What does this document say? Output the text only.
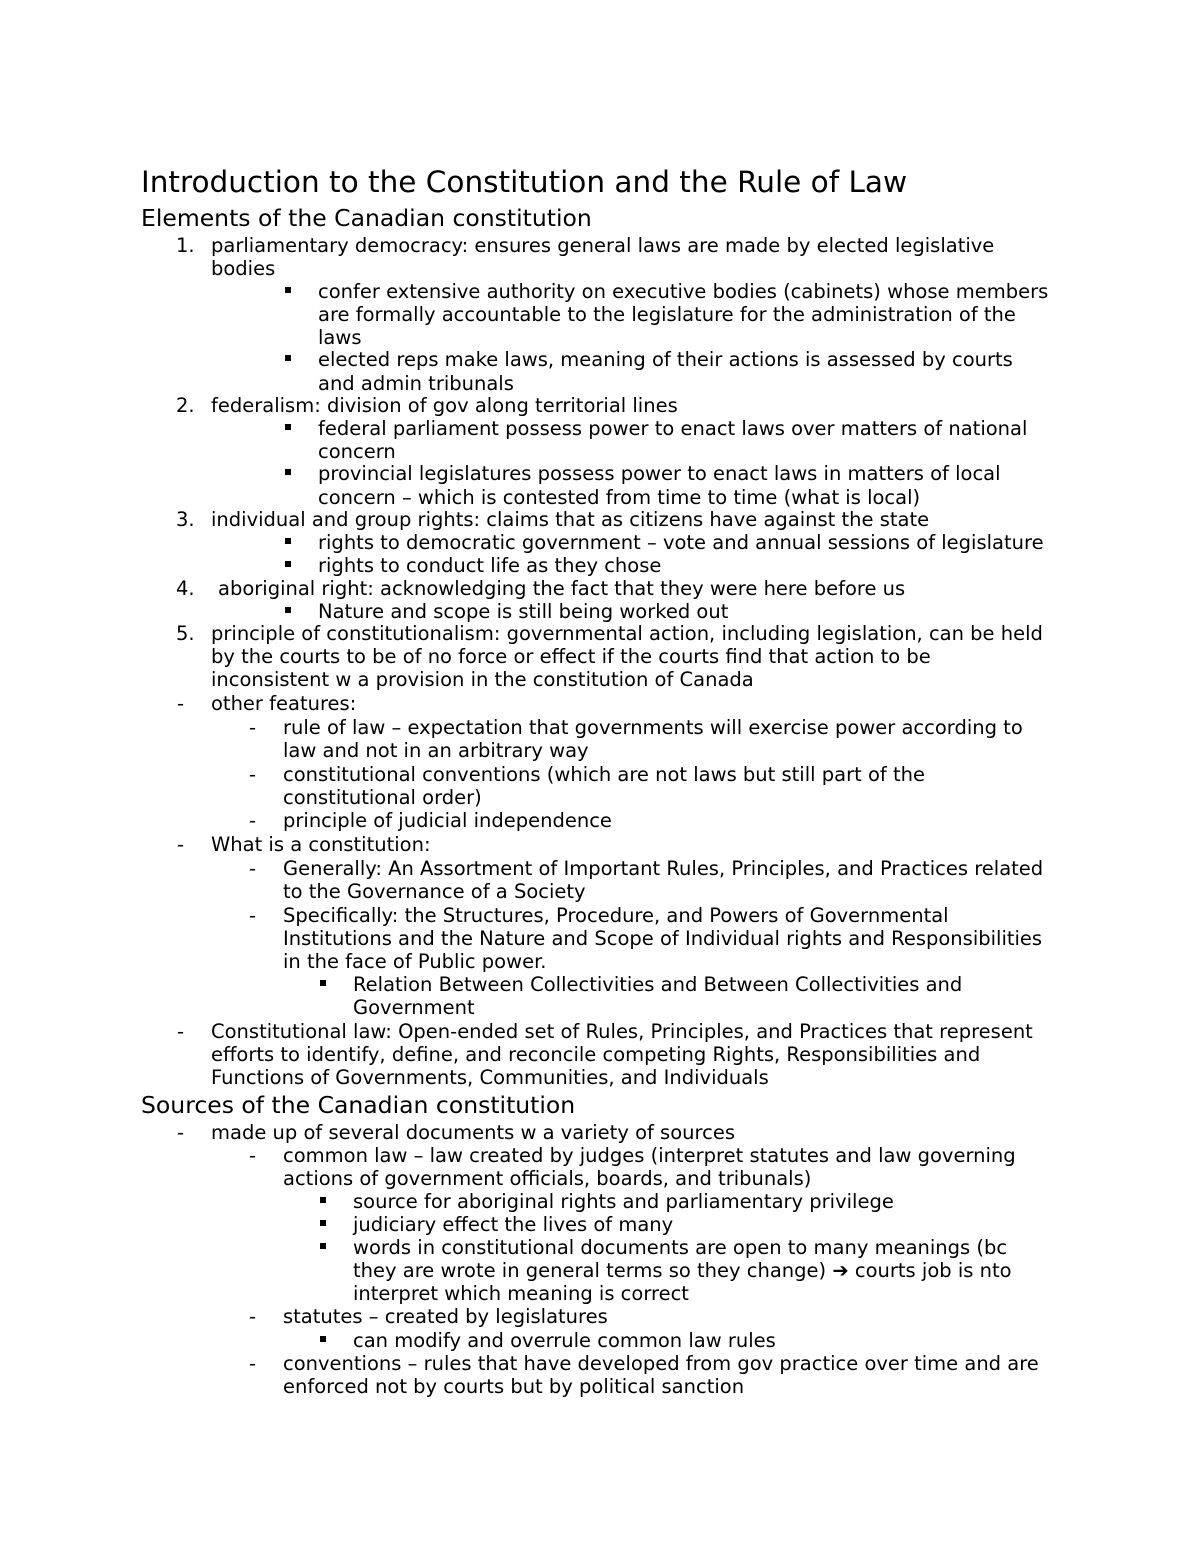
Introduction to the Constitution and the Rule of Law
Elements of the Canadian constitution
1. parliamentary democracy: ensures general laws are made by elected legislative
bodies
confer extensive authority on executive bodies (cabinets) whose members
are formally accountable to the legislature for the administration of the
laws
elected reps make laws, meaning of their actions is assessed by courts
and admin tribunals
2. federalism: division of gov along territorial lines
federal parliament possess power to enact laws over matters of national
concern
provincial legislatures possess power to enact laws in matters of local
concern – which is contested from time to time (what is local)
3. individual and group rights: claims that as citizens have against the state
rights to democratic government – vote and annual sessions of legislature
rights to conduct life as they chose
4. aboriginal right: acknowledging the fact that they were here before us
Nature and scope is still being worked out
5. principle of constitutionalism: governmental action, including legislation, can be held
by the courts to be of no force or effect if the courts find that action to be
inconsistent w a provision in the constitution of Canada
- other features:
- rule of law – expectation that governments will exercise power according to
law and not in an arbitrary way
- constitutional conventions (which are not laws but still part of the
constitutional order)
- principle of judicial independence
- What is a constitution:
- Generally: An Assortment of Important Rules, Principles, and Practices related
to the Governance of a Society
- Specifically: the Structures, Procedure, and Powers of Governmental
Institutions and the Nature and Scope of Individual rights and Responsibilities
in the face of Public power.
Relation Between Collectivities and Between Collectivities and
Government
- Constitutional law: Open-ended set of Rules, Principles, and Practices that represent
efforts to identify, define, and reconcile competing Rights, Responsibilities and
Functions of Governments, Communities, and Individuals
Sources of the Canadian constitution
- made up of several documents w a variety of sources
- common law – law created by judges (interpret statutes and law governing
actions of government officials, boards, and tribunals)
source for aboriginal rights and parliamentary privilege
judiciary effect the lives of many
words in constitutional documents are open to many meanings (bc
they are wrote in general terms so they change) ➔ courts job is nto
interpret which meaning is correct
- statutes – created by legislatures
can modify and overrule common law rules
- conventions – rules that have developed from gov practice over time and are
enforced not by courts but by political sanction
